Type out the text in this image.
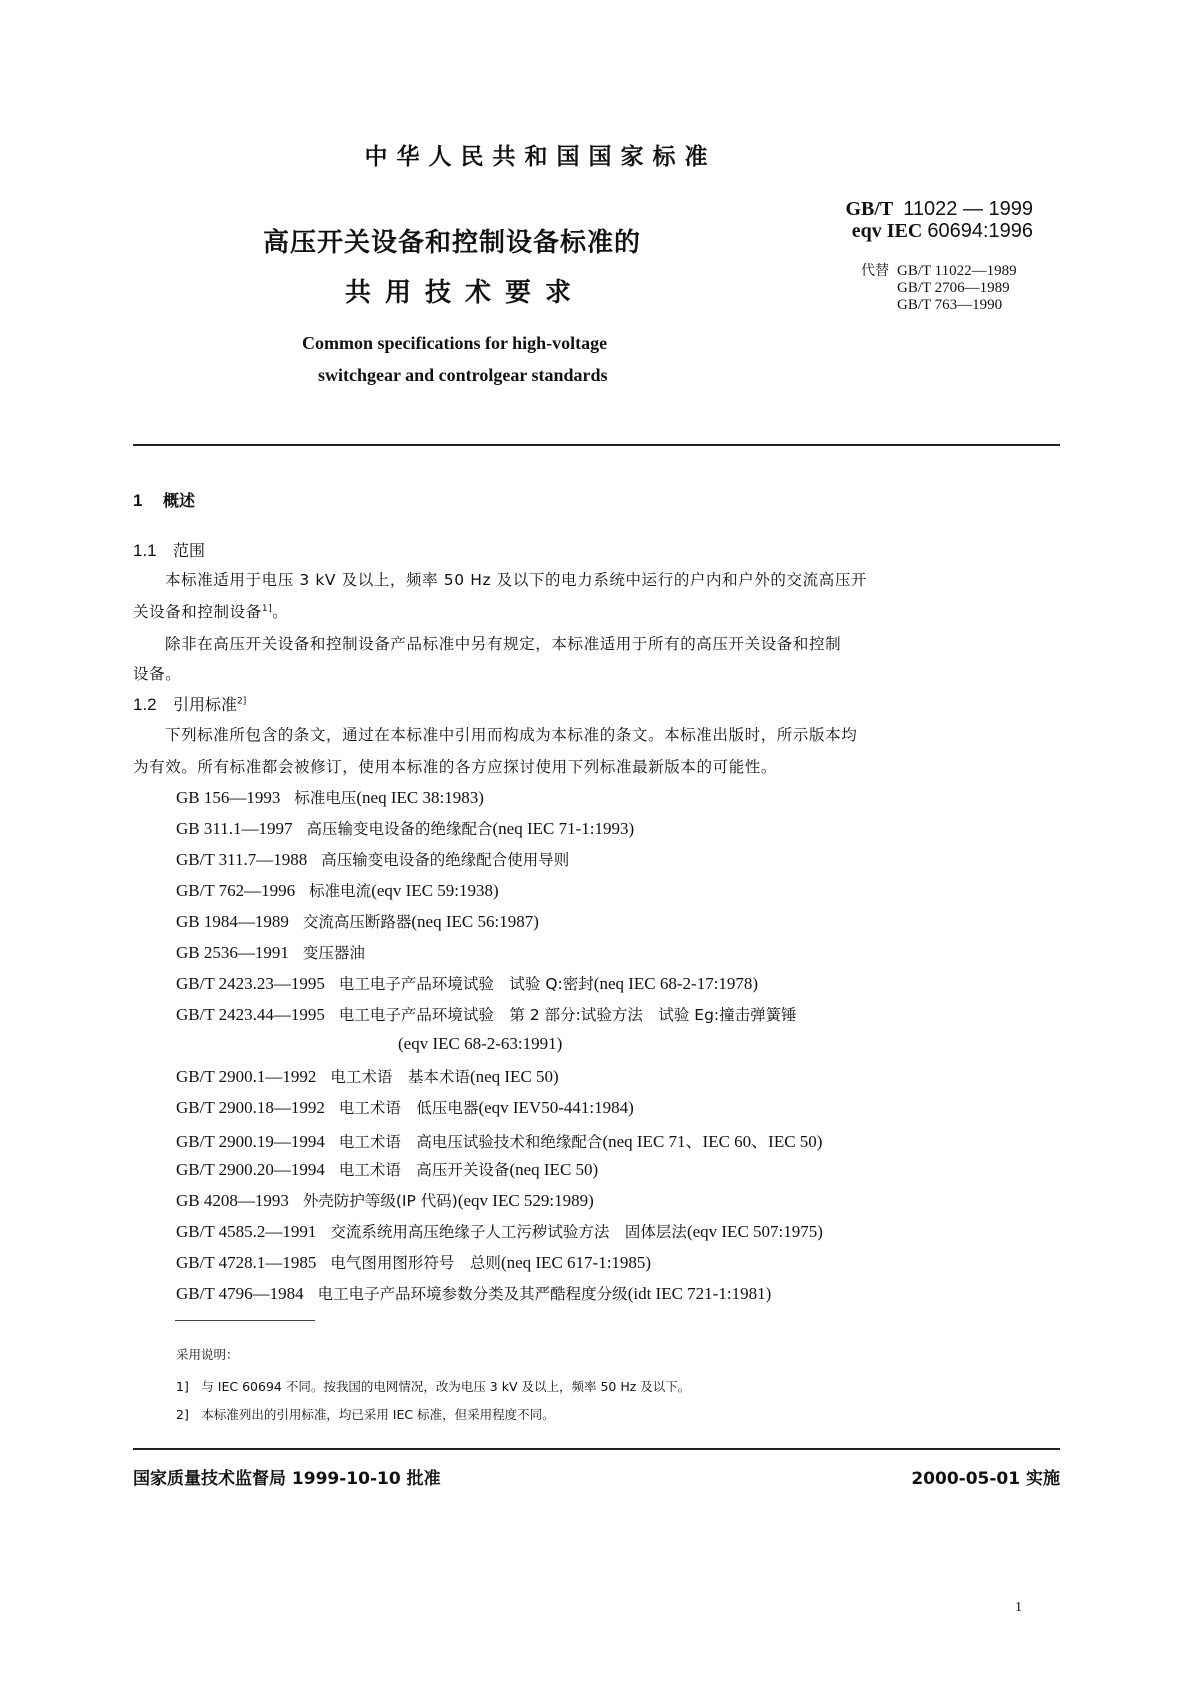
中华人民共和国国家标准
高压开关设备和控制设备标准的
共用技术要求
Common specifications for high-voltage
switchgear and controlgear standards
GB/T 11022 — 1999
eqv IEC 60694:1996
代替 GB/T 11022—1989
GB/T 2706—1989
GB/T 763—1990
1 概述
1.1 范围
本标准适用于电压 3 kV 及以上，频率 50 Hz 及以下的电力系统中运行的户内和户外的交流高压开
关设备和控制设备$^{1]}$。
除非在高压开关设备和控制设备产品标准中另有规定，本标准适用于所有的高压开关设备和控制
设备。
1.2 引用标准$^{2]}$
下列标准所包含的条文，通过在本标准中引用而构成为本标准的条文。本标准出版时，所示版本均
为有效。所有标准都会被修订，使用本标准的各方应探讨使用下列标准最新版本的可能性。
GB 156—1993 标准电压(neq IEC 38:1983)
GB 311.1—1997 高压输变电设备的绝缘配合(neq IEC 71-1:1993)
GB/T 311.7—1988 高压输变电设备的绝缘配合使用导则
GB/T 762—1996 标准电流(eqv IEC 59:1938)
GB 1984—1989 交流高压断路器(neq IEC 56:1987)
GB 2536—1991 变压器油
GB/T 2423.23—1995 电工电子产品环境试验　试验 Q:密封(neq IEC 68-2-17:1978)
GB/T 2423.44—1995 电工电子产品环境试验　第 2 部分:试验方法　试验 Eg:撞击弹簧锤
(eqv IEC 68-2-63:1991)
GB/T 2900.1—1992 电工术语　基本术语(neq IEC 50)
GB/T 2900.18—1992 电工术语　低压电器(eqv IEV50-441:1984)
GB/T 2900.19—1994 电工术语　高电压试验技术和绝缘配合(neq IEC 71、IEC 60、IEC 50)
GB/T 2900.20—1994 电工术语　高压开关设备(neq IEC 50)
GB 4208—1993 外壳防护等级(IP 代码)(eqv IEC 529:1989)
GB/T 4585.2—1991 交流系统用高压绝缘子人工污秽试验方法　固体层法(eqv IEC 507:1975)
GB/T 4728.1—1985 电气图用图形符号　总则(neq IEC 617-1:1985)
GB/T 4796—1984 电工电子产品环境参数分类及其严酷程度分级(idt IEC 721-1:1981)
采用说明：
1]　与 IEC 60694 不同。按我国的电网情况，改为电压 3 kV 及以上，频率 50 Hz 及以下。
2]　本标准列出的引用标准，均已采用 IEC 标准，但采用程度不同。
国家质量技术监督局 1999-10-10 批准	2000-05-01 实施
1
